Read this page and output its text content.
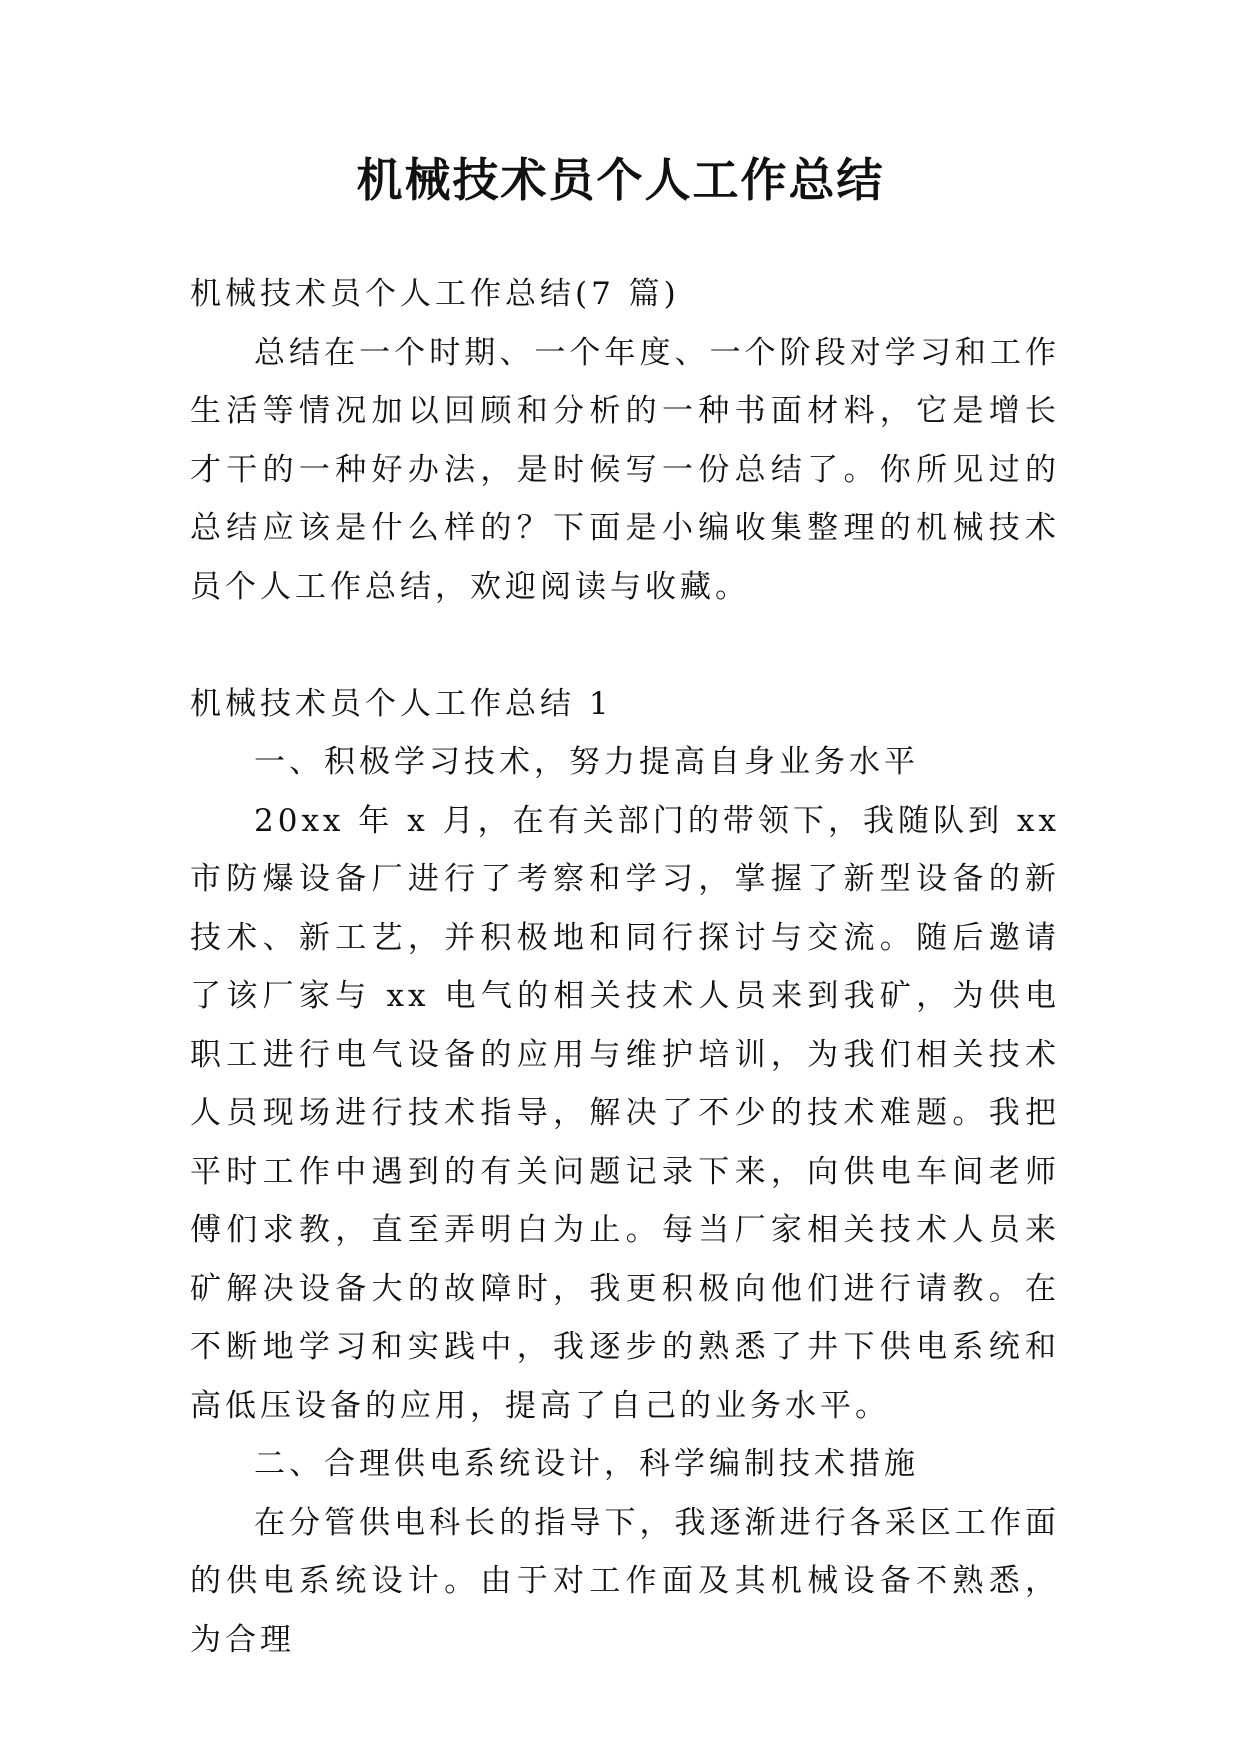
机械技术员个人工作总结

机械技术员个人工作总结(7 篇)

总结在一个时期、一个年度、一个阶段对学习和工作生活等情况加以回顾和分析的一种书面材料，它是增长才干的一种好办法，是时候写一份总结了。你所见过的总结应该是什么样的？下面是小编收集整理的机械技术员个人工作总结，欢迎阅读与收藏。

机械技术员个人工作总结 1

一、积极学习技术，努力提高自身业务水平

20xx 年 x 月，在有关部门的带领下，我随队到 xx 市防爆设备厂进行了考察和学习，掌握了新型设备的新技术、新工艺，并积极地和同行探讨与交流。随后邀请了该厂家与 xx 电气的相关技术人员来到我矿，为供电职工进行电气设备的应用与维护培训，为我们相关技术人员现场进行技术指导，解决了不少的技术难题。我把平时工作中遇到的有关问题记录下来，向供电车间老师傅们求教，直至弄明白为止。每当厂家相关技术人员来矿解决设备大的故障时，我更积极向他们进行请教。在不断地学习和实践中，我逐步的熟悉了井下供电系统和高低压设备的应用，提高了自己的业务水平。

二、合理供电系统设计，科学编制技术措施

在分管供电科长的指导下，我逐渐进行各采区工作面的供电系统设计。由于对工作面及其机械设备不熟悉，为合理
